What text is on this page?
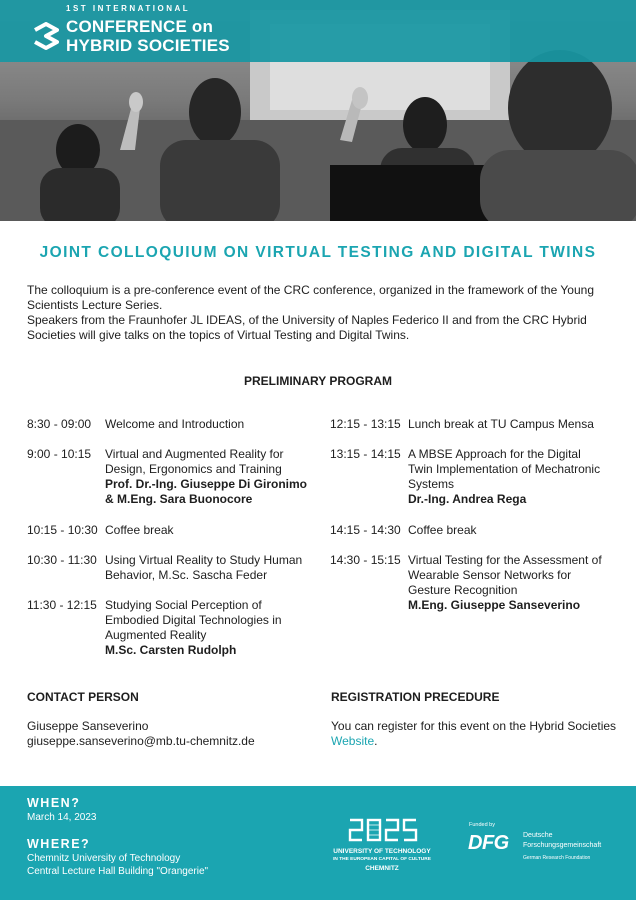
1ST INTERNATIONAL
CONFERENCE on
HYBRID SOCIETIES
JOINT COLLOQUIUM ON VIRTUAL TESTING AND DIGITAL TWINS

The colloquium is a pre-conference event of the CRC conference, organized in the framework of the Young Scientists Lecture Series.

Speakers from the Fraunhofer JL IDEAS, of the University of Naples Federico II and from the CRC Hybrid Societies will give talks on the topics of Virtual Testing and Digital Twins.

PRELIMINARY PROGRAM
8:30 - 09:00 Welcome and Introduction
9:00 - 10:15 Virtual and Augmented Reality for Design, Ergonomics and Training
Prof. Dr.-Ing. Giuseppe Di Gironimo & M.Eng. Sara Buonocore
10:15 - 10:30 Coffee break
10:30 - 11:30 Using Virtual Reality to Study Human Behavior, M.Sc. Sascha Feder
11:30 - 12:15 Studying Social Perception of Embodied Digital Technologies in Augmented Reality
M.Sc. Carsten Rudolph
12:15 - 13:15 Lunch break at TU Campus Mensa
13:15 - 14:15 A MBSE Approach for the Digital Twin Implementation of Mechatronic Systems
Dr.-Ing. Andrea Rega
14:15 - 14:30 Coffee break
14:30 - 15:15 Virtual Testing for the Assessment of Wearable Sensor Networks for Gesture Recognition
M.Eng. Giuseppe Sanseverino
CONTACT PERSON	REGISTRATION PRECEDURE
Giuseppe Sanseverino
giuseppe.sanseverino@mb.tu-chemnitz.de
You can register for this event on the Hybrid Societies Website.
WHEN?
March 14, 2023
WHERE?
Chemnitz University of Technology
Central Lecture Hall Building "Orangerie"
UNIVERSITY OF TECHNOLOGY
IN THE EUROPEAN CAPITAL OF CULTURE
CHEMNITZ
Funded by
DFG Deutsche
Forschungsgemeinschaft
German Research Foundation
